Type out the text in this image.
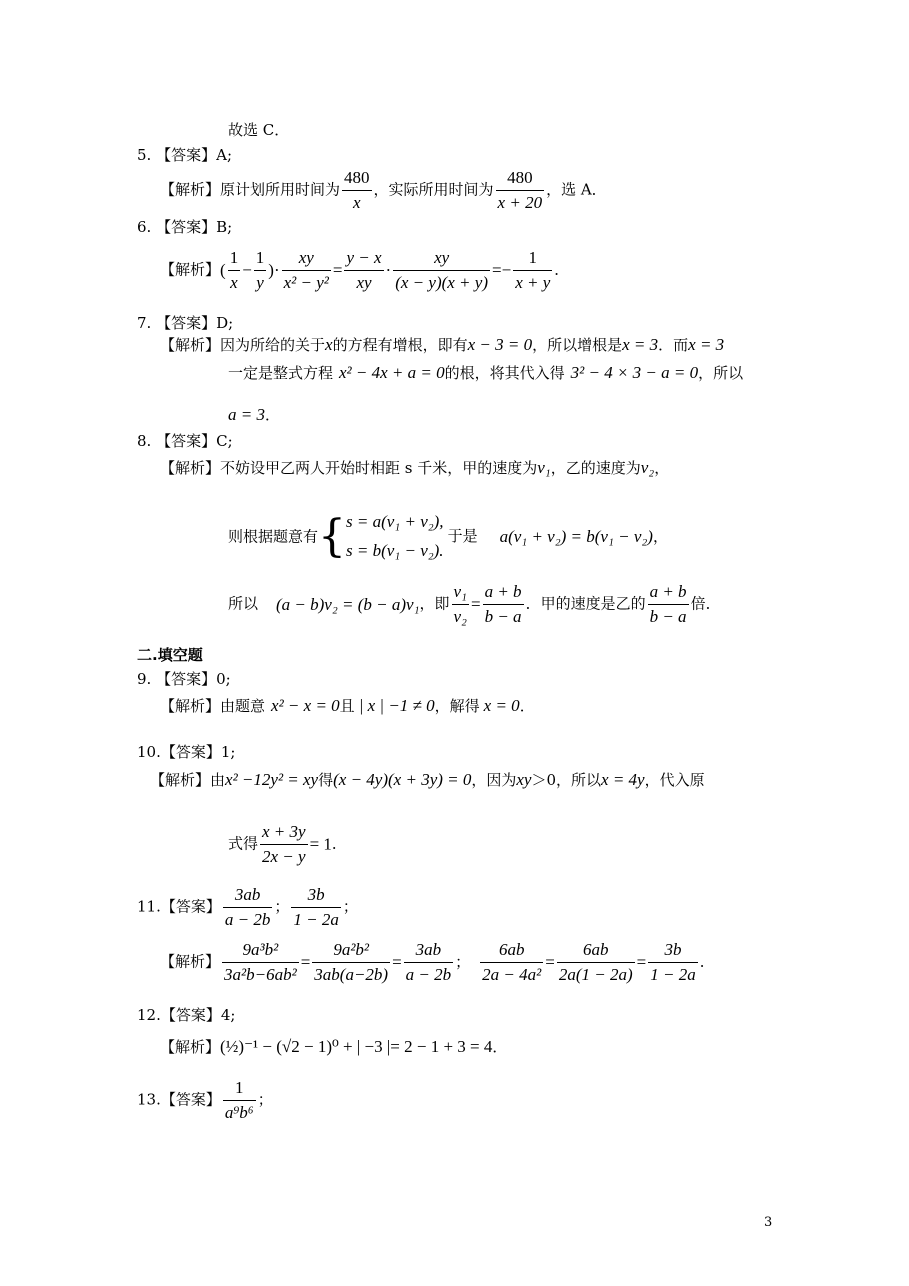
故选 C．
5. 【答案】A;
【解析】原计划所用时间为 $\frac{480}{x}$ ，实际所用时间为 $\frac{480}{x + 20}$ ，选 A．
6. 【答案】B;
【解析】( $\frac{1}{x} - \frac{1}{y}$ )· $\frac{xy}{\text{x² − y²}} = \frac{y - x}{xy} \cdot \frac{xy}{(x - y)(x + y)} =- \frac{1}{x + y}$ ．
7. 【答案】D;
【解析】因为所给的关于x的方程有增根，即有x − 3 = 0，所以增根是x = 3．而x = 3
一定是整式方程 x² − 4x + a = 0的根，将其代入得 3² − 4 × 3 − a = 0，所以
a = 3．
8. 【答案】C;
【解析】不妨设甲乙两人开始时相距 s 千米，甲的速度为v₁，乙的速度为v₂，
则根据题意有{ s = a(v₁ + v₂),
s = b(v₁ − v₂).
于是 a(v₁ + v₂) = b(v₁ − v₂)，
所以 (a − b)v₂ = (b − a)v₁，即 $\frac{\text{v₁}}{\text{v₂}} = \frac{a + b}{b - a}$ ．甲的速度是乙的 $\frac{a + b}{b - a}$ 倍．
二.填空题
9. 【答案】0;
【解析】由题意 x² − x = 0且 | x | −1 ≠ 0，解得 x = 0．
10.【答案】1;
【解析】由x² −12y² = xy得(x − 4y)(x + 3y) = 0，因为xy＞0，所以x = 4y，代入原
式得 $\frac{x + 3y}{2x - y} = 1$．
11.【答案】 $\frac{3ab}{a - 2b}$ ； $\frac{3b}{1 - 2a}$ ；
【解析】 $\frac{\text{9a³b²}}{\text{3a²b−6ab²}} = \frac{\text{9a²b²}}{3ab(a-2b)} = \frac{3ab}{a - 2b}$ ； $\frac{6ab}{\text{2a − 4a²}} = \frac{6ab}{2a(1 - 2a)} = \frac{3b}{1 - 2a}$ ．
12.【答案】4;
【解析】(½)⁻¹ − (√2 − 1)⁰ + | −3 |= 2 − 1 + 3 = 4．
13.【答案】 $\frac{1}{\text{a⁹b⁶}}$ ；
3
